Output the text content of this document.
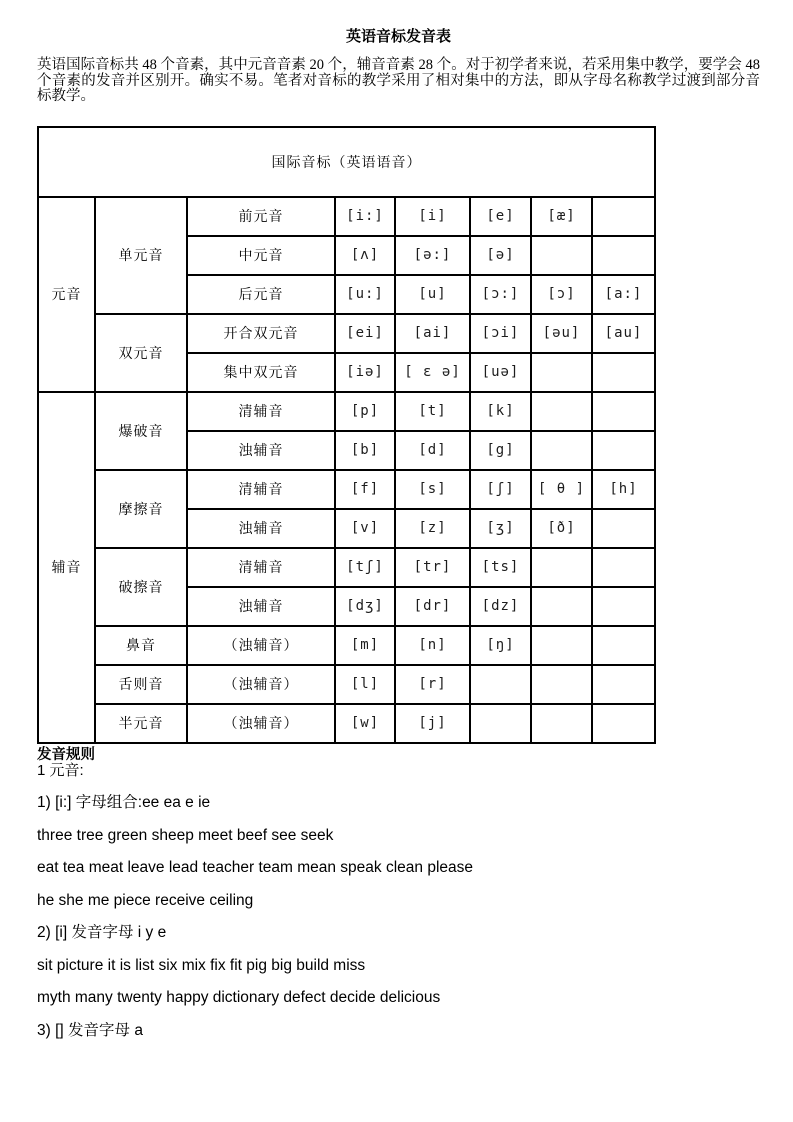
英语音标发音表
英语国际音标共 48 个音素，其中元音音素 20 个，辅音音素 28 个。对于初学者来说，若采用集中教学，要学会 48 个音素的发音并区别开。确实不易。笔者对音标的教学采用了相对集中的方法，即从字母名称教学过渡到部分音标教学。
国际音标（英语语音）							
元音	单元音	前元音	[i:]	[i]	[e]	[æ]	
		中元音	[ʌ]	[ə:]	[ə]		
		后元音	[u:]	[u]	[ɔ:]	[ɔ]	[a:]
	双元音	开合双元音	[ei]	[ai]	[ɔi]	[əu]	[au]
		集中双元音	[iə]	[ ɛ ə]	[uə]		
辅音	爆破音	清辅音	[p]	[t]	[k]		
		浊辅音	[b]	[d]	[g]		
	摩擦音	清辅音	[f]	[s]	[ʃ]	[ θ ]	[h]
		浊辅音	[v]	[z]	[ʒ]	[ð]	
	破擦音	清辅音	[tʃ]	[tr]	[ts]		
		浊辅音	[dʒ]	[dr]	[dz]		
	鼻音	（浊辅音）	[m]	[n]	[ŋ]		
	舌则音	（浊辅音）	[l]	[r]			
	半元音	（浊辅音）	[w]	[j]			
发音规则
1 元音:
1) [i:] 字母组合:ee ea e ie
three tree green sheep meet beef see seek
eat tea meat leave lead teacher team mean speak clean please
he she me piece receive ceiling
2) [i] 发音字母 i y e
sit picture it is list six mix fix fit pig big build miss
myth many twenty happy dictionary defect decide delicious
3) [] 发音字母 a
